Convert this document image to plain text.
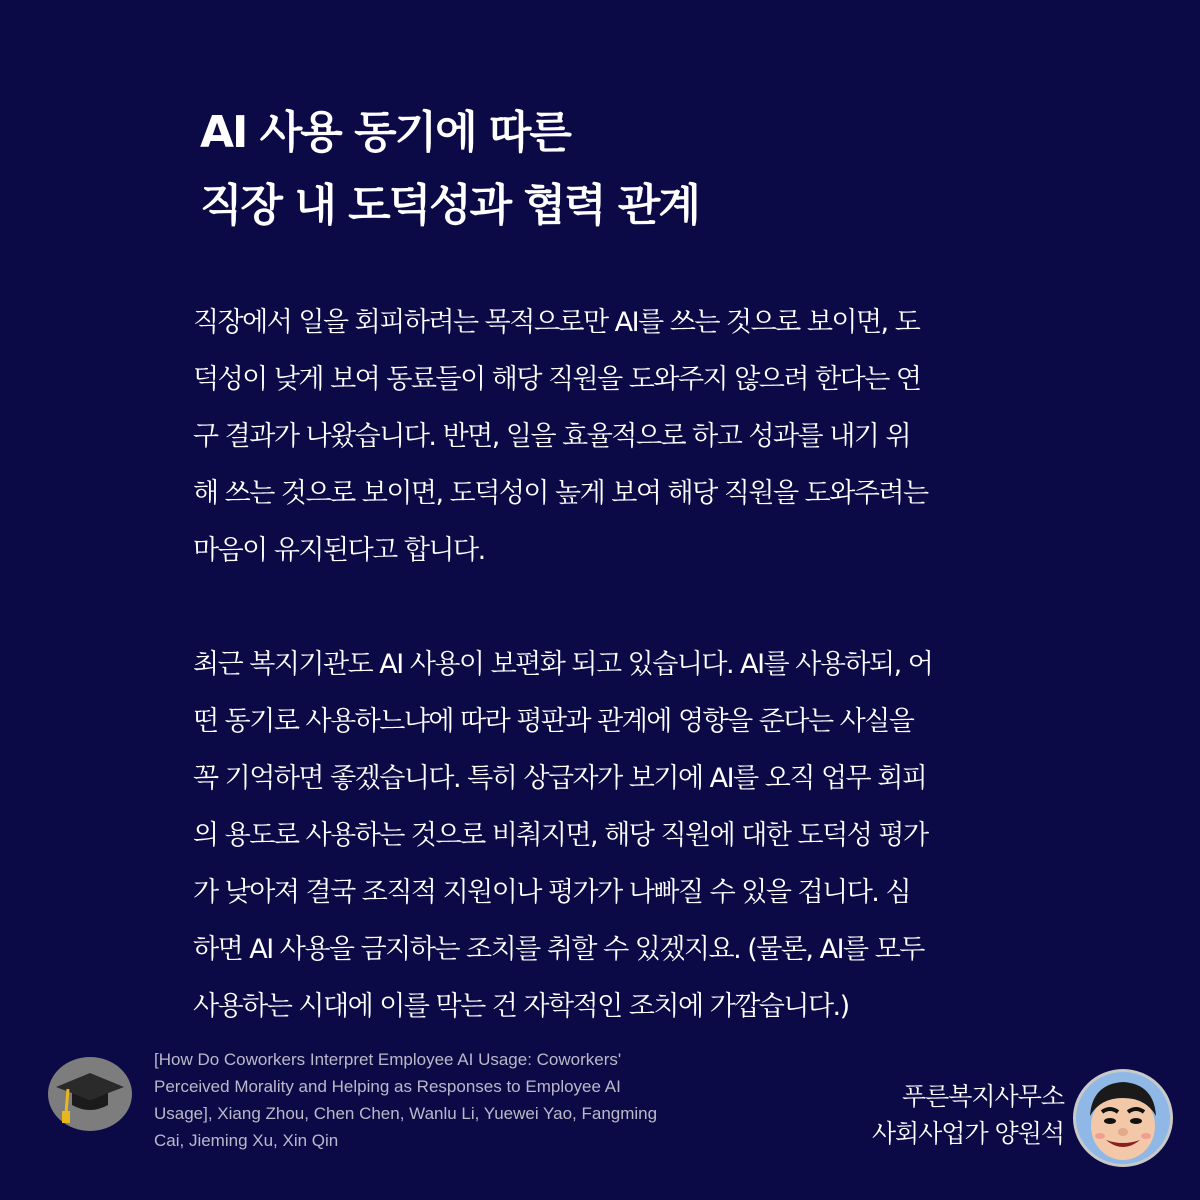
AI 사용 동기에 따른
직장 내 도덕성과 협력 관계

직장에서 일을 회피하려는 목적으로만 AI를 쓰는 것으로 보이면, 도
덕성이 낮게 보여 동료들이 해당 직원을 도와주지 않으려 한다는 연
구 결과가 나왔습니다. 반면, 일을 효율적으로 하고 성과를 내기 위
해 쓰는 것으로 보이면, 도덕성이 높게 보여 해당 직원을 도와주려는
마음이 유지된다고 합니다.

최근 복지기관도 AI 사용이 보편화 되고 있습니다. AI를 사용하되, 어
떤 동기로 사용하느냐에 따라 평판과 관계에 영향을 준다는 사실을
꼭 기억하면 좋겠습니다. 특히 상급자가 보기에 AI를 오직 업무 회피
의 용도로 사용하는 것으로 비춰지면, 해당 직원에 대한 도덕성 평가
가 낮아져 결국 조직적 지원이나 평가가 나빠질 수 있을 겁니다. 심
하면 AI 사용을 금지하는 조치를 취할 수 있겠지요. (물론, AI를 모두
사용하는 시대에 이를 막는 건 자학적인 조치에 가깝습니다.)

[How Do Coworkers Interpret Employee AI Usage: Coworkers'
Perceived Morality and Helping as Responses to Employee AI
Usage], Xiang Zhou, Chen Chen, Wanlu Li, Yuewei Yao, Fangming
Cai, Jieming Xu, Xin Qin
푸른복지사무소
사회사업가 양원석
